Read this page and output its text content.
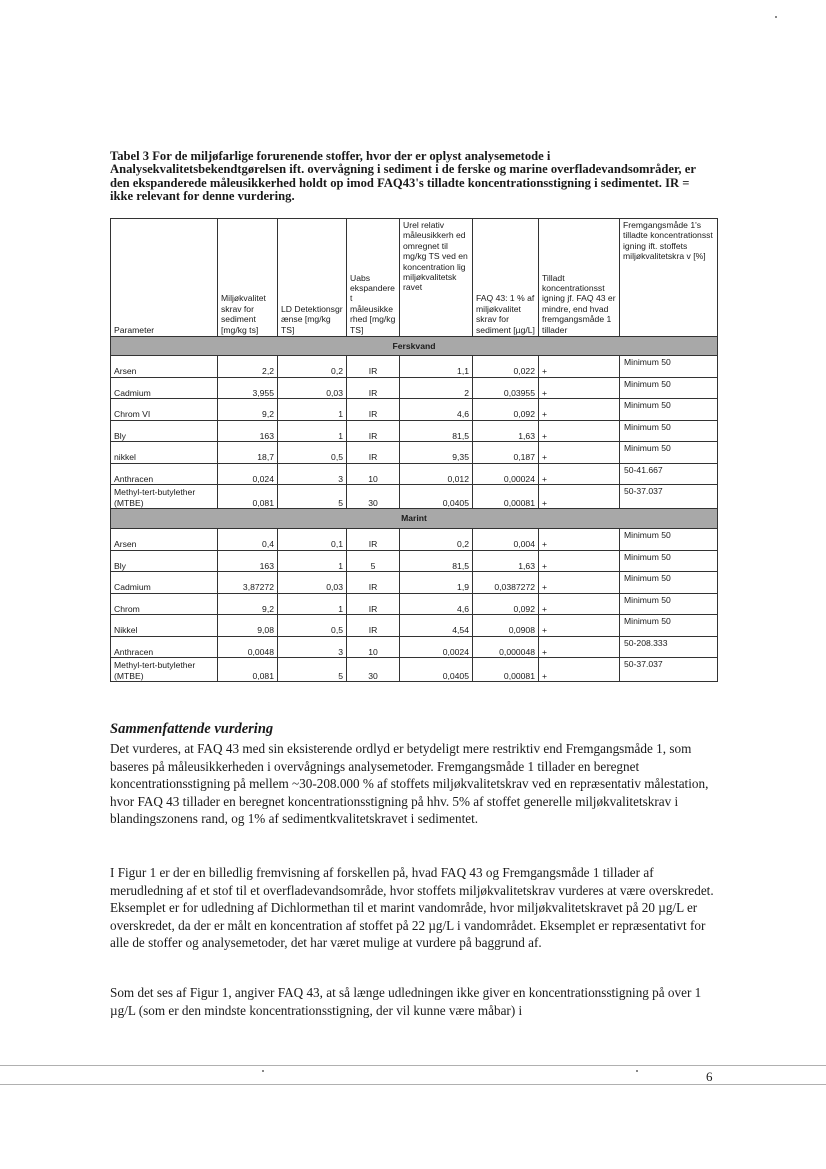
Tabel 3 For de miljøfarlige forurenende stoffer, hvor der er oplyst analysemetode i Analysekvalitetsbekendtgørelsen ift. overvågning i sediment i de ferske og marine overfladevandsområder, er den ekspanderede måleusikkerhed holdt op imod FAQ43's tilladte koncentrationsstigning i sedimentet. IR = ikke relevant for denne vurdering.
Parameter	Miljøkvalitet skrav for sediment [mg/kg ts]	LD Detektionsgr ænse [mg/kg TS]	Uabs ekspandere t måleusikke rhed [mg/kg TS]	Urel relativ måleusikkerh ed omregnet til mg/kg TS ved en koncentration lig miljøkvalitetsk ravet	FAQ 43: 1 % af miljøkvalitet skrav for sediment [µg/L]	Tilladt koncentrationsst igning jf. FAQ 43 er mindre, end hvad fremgangsmåde 1 tillader	Fremgangsmåde 1's tilladte koncentrationsst igning ift. stoffets miljøkvalitetskra v [%]
Ferskvand							
Arsen	2,2	0,2	IR	1,1	0,022	+	Minimum 50
Cadmium	3,955	0,03	IR	2	0,03955	+	Minimum 50
Chrom VI	9,2	1	IR	4,6	0,092	+	Minimum 50
Bly	163	1	IR	81,5	1,63	+	Minimum 50
nikkel	18,7	0,5	IR	9,35	0,187	+	Minimum 50
Anthracen	0,024	3	10	0,012	0,00024	+	50-41.667
Methyl-tert-butylether (MTBE)	0,081	5	30	0,0405	0,00081	+	50-37.037
Marint							
Arsen	0,4	0,1	IR	0,2	0,004	+	Minimum 50
Bly	163	1	5	81,5	1,63	+	Minimum 50
Cadmium	3,87272	0,03	IR	1,9	0,0387272	+	Minimum 50
Chrom	9,2	1	IR	4,6	0,092	+	Minimum 50
Nikkel	9,08	0,5	IR	4,54	0,0908	+	Minimum 50
Anthracen	0,0048	3	10	0,0024	0,000048	+	50-208.333
Methyl-tert-butylether (MTBE)	0,081	5	30	0,0405	0,00081	+	50-37.037
Sammenfattende vurdering
Det vurderes, at FAQ 43 med sin eksisterende ordlyd er betydeligt mere restriktiv end Fremgangsmåde 1, som baseres på måleusikkerheden i overvågnings analysemetoder. Fremgangsmåde 1 tillader en beregnet koncentrationsstigning på mellem ~30-208.000 % af stoffets miljøkvalitetskrav ved en repræsentativ målestation, hvor FAQ 43 tillader en beregnet koncentrationsstigning på hhv. 5% af stoffet generelle miljøkvalitetskrav i blandingszonens rand, og 1% af sedimentkvalitetskravet i sedimentet.
I Figur 1 er der en billedlig fremvisning af forskellen på, hvad FAQ 43 og Fremgangsmåde 1 tillader af merudledning af et stof til et overfladevandsområde, hvor stoffets miljøkvalitetskrav vurderes at være overskredet. Eksemplet er for udledning af Dichlormethan til et marint vandområde, hvor miljøkvalitetskravet på 20 µg/L er overskredet, da der er målt en koncentration af stoffet på 22 µg/L i vandområdet. Eksemplet er repræsentativt for alle de stoffer og analysemetoder, det har været mulige at vurdere på baggrund af.
Som det ses af Figur 1, angiver FAQ 43, at så længe udledningen ikke giver en koncentrationsstigning på over 1 µg/L (som er den mindste koncentrationsstigning, der vil kunne være måbar) i
6
